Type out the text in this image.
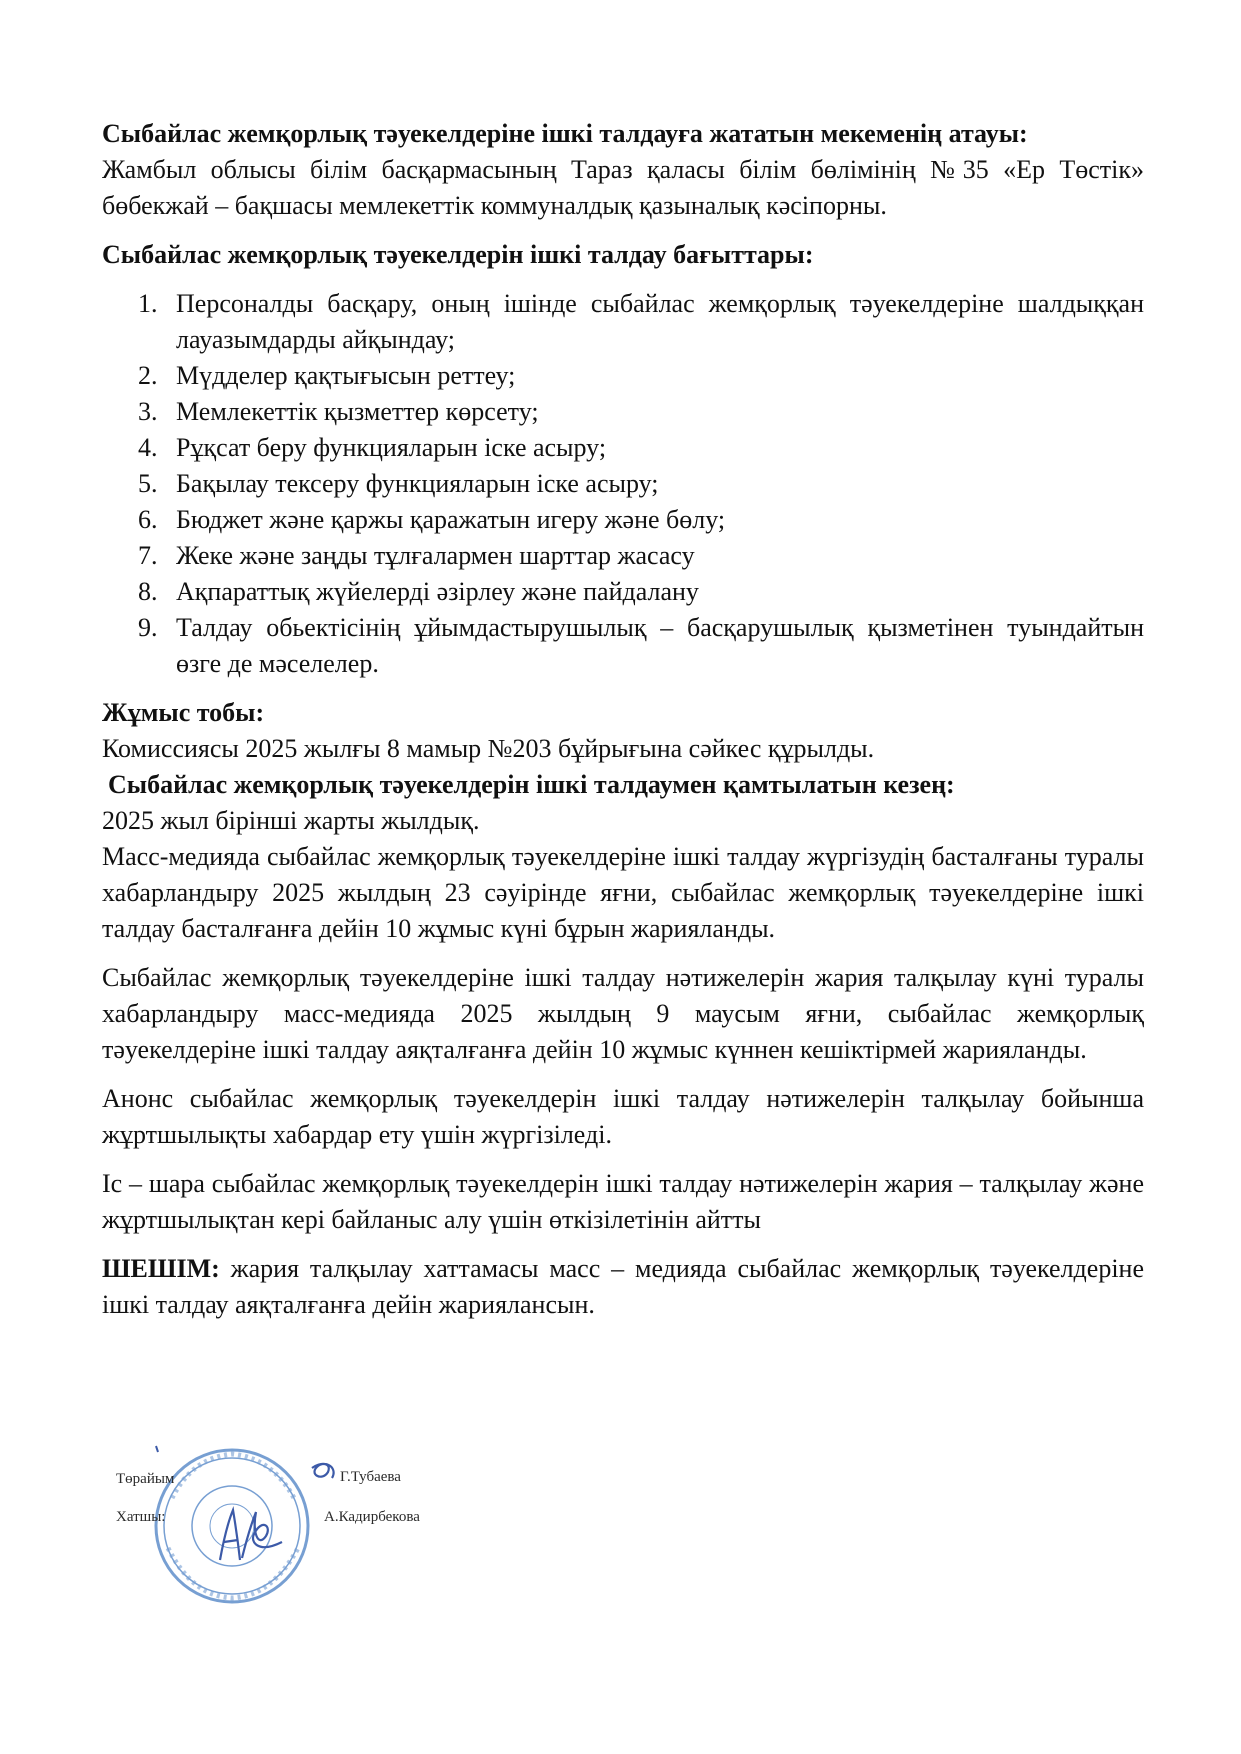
Сыбайлас жемқорлық тәуекелдеріне ішкі талдауға жататын мекеменің атауы:

Жамбыл облысы білім басқармасының Тараз қаласы білім бөлімінің №35 «Ер Төстік» бөбекжай – бақшасы мемлекеттік коммуналдық қазыналық кәсіпорны.

Сыбайлас жемқорлық тәуекелдерін ішкі талдау бағыттары:

1. Персоналды басқару, оның ішінде сыбайлас жемқорлық тәуекелдеріне шалдыққан лауазымдарды айқындау;
2. Мүдделер қақтығысын реттеу;
3. Мемлекеттік қызметтер көрсету;
4. Рұқсат беру функцияларын іске асыру;
5. Бақылау тексеру функцияларын іске асыру;
6. Бюджет және қаржы қаражатын игеру және бөлу;
7. Жеке және заңды тұлғалармен шарттар жасасу
8. Ақпараттық жүйелерді әзірлеу және пайдалану
9. Талдау обьектісінің ұйымдастырушылық – басқарушылық қызметінен туындайтын өзге де мәселелер.

Жұмыс тобы:

Комиссиясы 2025 жылғы 8 мамыр №203 бұйрығына сәйкес құрылды.

Сыбайлас жемқорлық тәуекелдерін ішкі талдаумен қамтылатын кезең:

2025 жыл бірінші жарты жылдық.

Масс-медияда сыбайлас жемқорлық тәуекелдеріне ішкі талдау жүргізудің басталғаны туралы хабарландыру 2025 жылдың 23 сәуірінде яғни, сыбайлас жемқорлық тәуекелдеріне ішкі талдау басталғанға дейін 10 жұмыс күні бұрын жарияланды.

Сыбайлас жемқорлық тәуекелдеріне ішкі талдау нәтижелерін жария талқылау күні туралы хабарландыру масс-медияда 2025 жылдың 9 маусым яғни, сыбайлас жемқорлық тәуекелдеріне ішкі талдау аяқталғанға дейін 10 жұмыс күннен кешіктірмей жарияланды.

Анонс сыбайлас жемқорлық тәуекелдерін ішкі талдау нәтижелерін талқылау бойынша жұртшылықты хабардар ету үшін жүргізіледі.

Іс – шара сыбайлас жемқорлық тәуекелдерін ішкі талдау нәтижелерін жария – талқылау және жұртшылықтан кері байланыс алу үшін өткізілетінін айтты

ШЕШІМ: жария талқылау хаттамасы масс – медияда сыбайлас жемқорлық тәуекелдеріне ішкі талдау аяқталғанға дейін жариялансын.

Төрайым	Г.Тубаева
Хатшы:	А.Кадирбекова
